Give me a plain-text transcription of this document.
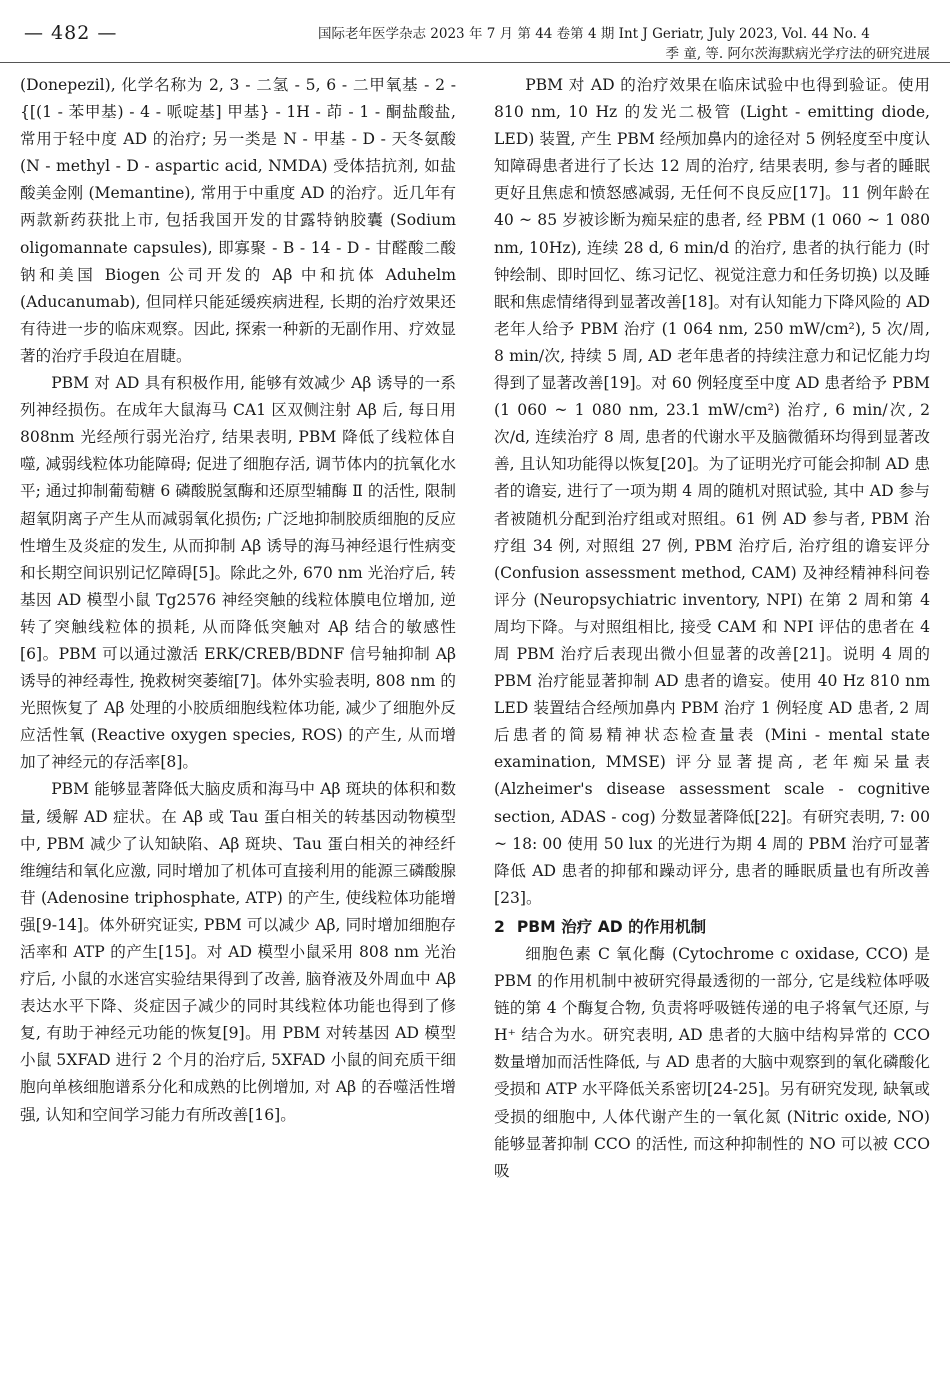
— 482 —	国际老年医学杂志 2023 年 7 月 第 44 卷第 4 期 Int J Geriatr, July 2023, Vol. 44 No. 4
季 童, 等. 阿尔茨海默病光学疗法的研究进展

(Donepezil), 化学名称为 2, 3 - 二氢 - 5, 6 - 二甲氧基 - 2 - {[(1 - 苯甲基) - 4 - 哌啶基] 甲基} - 1H - 茚 - 1 - 酮盐酸盐, 常用于轻中度 AD 的治疗; 另一类是 N - 甲基 - D - 天冬氨酸 (N - methyl - D - aspartic acid, NMDA) 受体拮抗剂, 如盐酸美金刚 (Memantine), 常用于中重度 AD 的治疗。近几年有两款新药获批上市, 包括我国开发的甘露特钠胶囊 (Sodium oligomannate capsules), 即寡聚 - B - 14 - D - 甘醛酸二酸钠和美国 Biogen 公司开发的 Aβ 中和抗体 Aduhelm (Aducanumab), 但同样只能延缓疾病进程, 长期的治疗效果还有待进一步的临床观察。因此, 探索一种新的无副作用、疗效显著的治疗手段迫在眉睫。

PBM 对 AD 具有积极作用, 能够有效减少 Aβ 诱导的一系列神经损伤。在成年大鼠海马 CA1 区双侧注射 Aβ 后, 每日用 808nm 光经颅行弱光治疗, 结果表明, PBM 降低了线粒体自噬, 减弱线粒体功能障碍; 促进了细胞存活, 调节体内的抗氧化水平; 通过抑制葡萄糖 6 磷酸脱氢酶和还原型辅酶 Ⅱ 的活性, 限制超氧阴离子产生从而减弱氧化损伤; 广泛地抑制胶质细胞的反应性增生及炎症的发生, 从而抑制 Aβ 诱导的海马神经退行性病变和长期空间识别记忆障碍[5]。除此之外, 670 nm 光治疗后, 转基因 AD 模型小鼠 Tg2576 神经突触的线粒体膜电位增加, 逆转了突触线粒体的损耗, 从而降低突触对 Aβ 结合的敏感性[6]。PBM 可以通过激活 ERK/CREB/BDNF 信号轴抑制 Aβ 诱导的神经毒性, 挽救树突萎缩[7]。体外实验表明, 808 nm 的光照恢复了 Aβ 处理的小胶质细胞线粒体功能, 减少了细胞外反应活性氧 (Reactive oxygen species, ROS) 的产生, 从而增加了神经元的存活率[8]。

PBM 能够显著降低大脑皮质和海马中 Aβ 斑块的体积和数量, 缓解 AD 症状。在 Aβ 或 Tau 蛋白相关的转基因动物模型中, PBM 减少了认知缺陷、Aβ 斑块、Tau 蛋白相关的神经纤维缠结和氧化应激, 同时增加了机体可直接利用的能源三磷酸腺苷 (Adenosine triphosphate, ATP) 的产生, 使线粒体功能增强[9-14]。体外研究证实, PBM 可以减少 Aβ, 同时增加细胞存活率和 ATP 的产生[15]。对 AD 模型小鼠采用 808 nm 光治疗后, 小鼠的水迷宫实验结果得到了改善, 脑脊液及外周血中 Aβ 表达水平下降、炎症因子减少的同时其线粒体功能也得到了修复, 有助于神经元功能的恢复[9]。用 PBM 对转基因 AD 模型小鼠 5XFAD 进行 2 个月的治疗后, 5XFAD 小鼠的间充质干细胞向单核细胞谱系分化和成熟的比例增加, 对 Aβ 的吞噬活性增强, 认知和空间学习能力有所改善[16]。

PBM 对 AD 的治疗效果在临床试验中也得到验证。使用 810 nm, 10 Hz 的发光二极管 (Light - emitting diode, LED) 装置, 产生 PBM 经颅加鼻内的途径对 5 例轻度至中度认知障碍患者进行了长达 12 周的治疗, 结果表明, 参与者的睡眠更好且焦虑和愤怒感减弱, 无任何不良反应[17]。11 例年龄在 40 ~ 85 岁被诊断为痴呆症的患者, 经 PBM (1 060 ~ 1 080 nm, 10Hz), 连续 28 d, 6 min/d 的治疗, 患者的执行能力 (时钟绘制、即时回忆、练习记忆、视觉注意力和任务切换) 以及睡眠和焦虑情绪得到显著改善[18]。对有认知能力下降风险的 AD 老年人给予 PBM 治疗 (1 064 nm, 250 mW/cm²), 5 次/周, 8 min/次, 持续 5 周, AD 老年患者的持续注意力和记忆能力均得到了显著改善[19]。对 60 例轻度至中度 AD 患者给予 PBM (1 060 ~ 1 080 nm, 23.1 mW/cm²) 治疗, 6 min/次, 2 次/d, 连续治疗 8 周, 患者的代谢水平及脑微循环均得到显著改善, 且认知功能得以恢复[20]。为了证明光疗可能会抑制 AD 患者的谵妄, 进行了一项为期 4 周的随机对照试验, 其中 AD 参与者被随机分配到治疗组或对照组。61 例 AD 参与者, PBM 治疗组 34 例, 对照组 27 例, PBM 治疗后, 治疗组的谵妄评分 (Confusion assessment method, CAM) 及神经精神科问卷评分 (Neuropsychiatric inventory, NPI) 在第 2 周和第 4 周均下降。与对照组相比, 接受 CAM 和 NPI 评估的患者在 4 周 PBM 治疗后表现出微小但显著的改善[21]。说明 4 周的 PBM 治疗能显著抑制 AD 患者的谵妄。使用 40 Hz 810 nm LED 装置结合经颅加鼻内 PBM 治疗 1 例轻度 AD 患者, 2 周后患者的简易精神状态检查量表 (Mini - mental state examination, MMSE) 评分显著提高, 老年痴呆量表 (Alzheimer's disease assessment scale - cognitive section, ADAS - cog) 分数显著降低[22]。有研究表明, 7: 00 ~ 18: 00 使用 50 lux 的光进行为期 4 周的 PBM 治疗可显著降低 AD 患者的抑郁和躁动评分, 患者的睡眠质量也有所改善[23]。

2 PBM 治疗 AD 的作用机制

细胞色素 C 氧化酶 (Cytochrome c oxidase, CCO) 是 PBM 的作用机制中被研究得最透彻的一部分, 它是线粒体呼吸链的第 4 个酶复合物, 负责将呼吸链传递的电子将氧气还原, 与 H⁺ 结合为水。研究表明, AD 患者的大脑中结构异常的 CCO 数量增加而活性降低, 与 AD 患者的大脑中观察到的氧化磷酸化受损和 ATP 水平降低关系密切[24-25]。另有研究发现, 缺氧或受损的细胞中, 人体代谢产生的一氧化氮 (Nitric oxide, NO) 能够显著抑制 CCO 的活性, 而这种抑制性的 NO 可以被 CCO 吸
